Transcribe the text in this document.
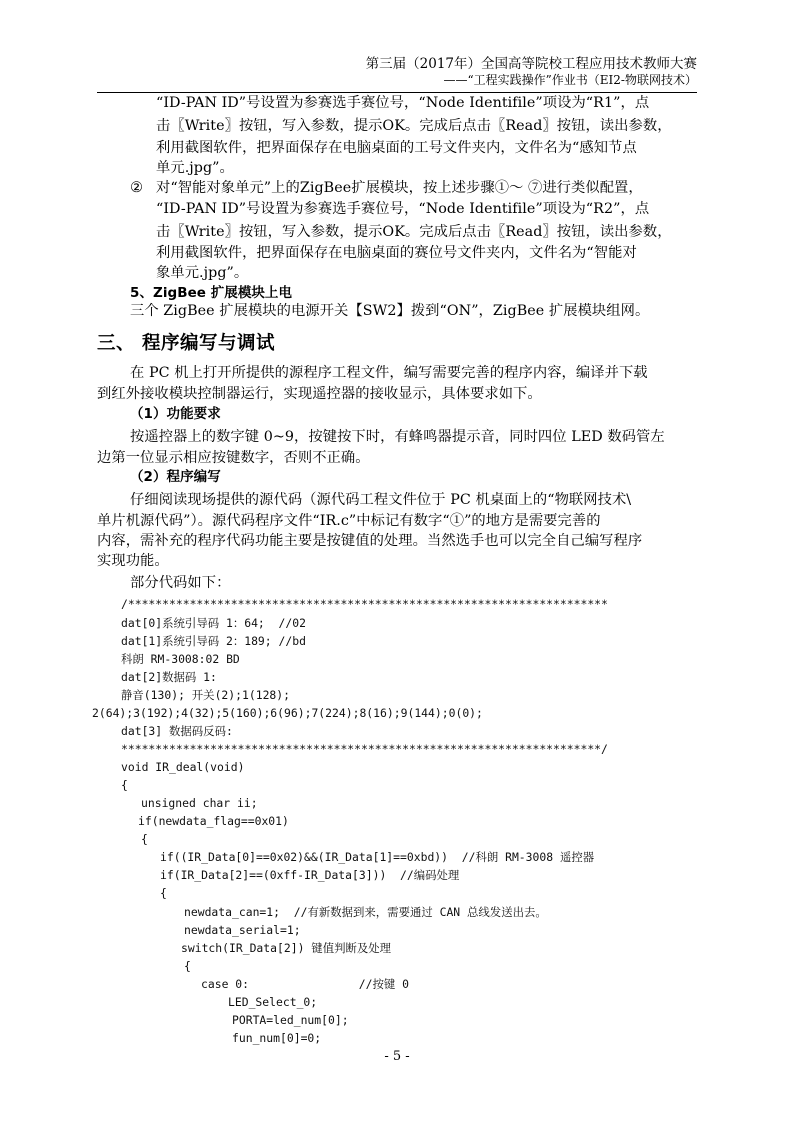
第三届（2017年）全国高等院校工程应用技术教师大赛
——“工程实践操作”作业书（EI2-物联网技术）
“ID-PAN ID”号设置为参赛选手赛位号，“Node Identifile”项设为“R1”，点
击〖Write〗按钮，写入参数，提示OK。完成后点击〖Read〗按钮，读出参数，
利用截图软件，把界面保存在电脑桌面的工号文件夹内，文件名为“感知节点
单元.jpg”。
② 对“智能对象单元”上的ZigBee扩展模块，按上述步骤①～ ⑦进行类似配置，
“ID-PAN ID”号设置为参赛选手赛位号，“Node Identifile”项设为“R2”，点
击〖Write〗按钮，写入参数，提示OK。完成后点击〖Read〗按钮，读出参数，
利用截图软件，把界面保存在电脑桌面的赛位号文件夹内，文件名为“智能对
象单元.jpg”。
5、ZigBee 扩展模块上电
三个 ZigBee 扩展模块的电源开关【SW2】拨到“ON”，ZigBee 扩展模块组网。
三、 程序编写与调试
在 PC 机上打开所提供的源程序工程文件，编写需要完善的程序内容，编译并下载
到红外接收模块控制器运行，实现遥控器的接收显示，具体要求如下。
（1）功能要求
按遥控器上的数字键 0~9，按键按下时，有蜂鸣器提示音，同时四位 LED 数码管左
边第一位显示相应按键数字，否则不正确。
（2）程序编写
仔细阅读现场提供的源代码（源代码工程文件位于 PC 机桌面上的“物联网技术\
单片机源代码”）。源代码程序文件“IR.c”中标记有数字“①”的地方是需要完善的
内容，需补充的程序代码功能主要是按键值的处理。当然选手也可以完全自己编写程序
实现功能。
部分代码如下：
/**********************************************************************
dat[0]系统引导码 1：64;  //02
dat[1]系统引导码 2：189; //bd
科朗 RM-3008:02 BD
dat[2]数据码 1:
静音(130); 开关(2);1(128);
2(64);3(192);4(32);5(160);6(96);7(224);8(16);9(144);0(0);
dat[3] 数据码反码:
**********************************************************************/
void IR_deal(void)
{
unsigned char ii;
if(newdata_flag==0x01)
{
if((IR_Data[0]==0x02)&&(IR_Data[1]==0xbd))  //科朗 RM-3008 遥控器
if(IR_Data[2]==(0xff-IR_Data[3]))  //编码处理
{
newdata_can=1;  //有新数据到来，需要通过 CAN 总线发送出去。
newdata_serial=1;
switch(IR_Data[2]) 键值判断及处理
{
case 0:                //按键 0
LED_Select_0;
PORTA=led_num[0];
fun_num[0]=0;
- 5 -
